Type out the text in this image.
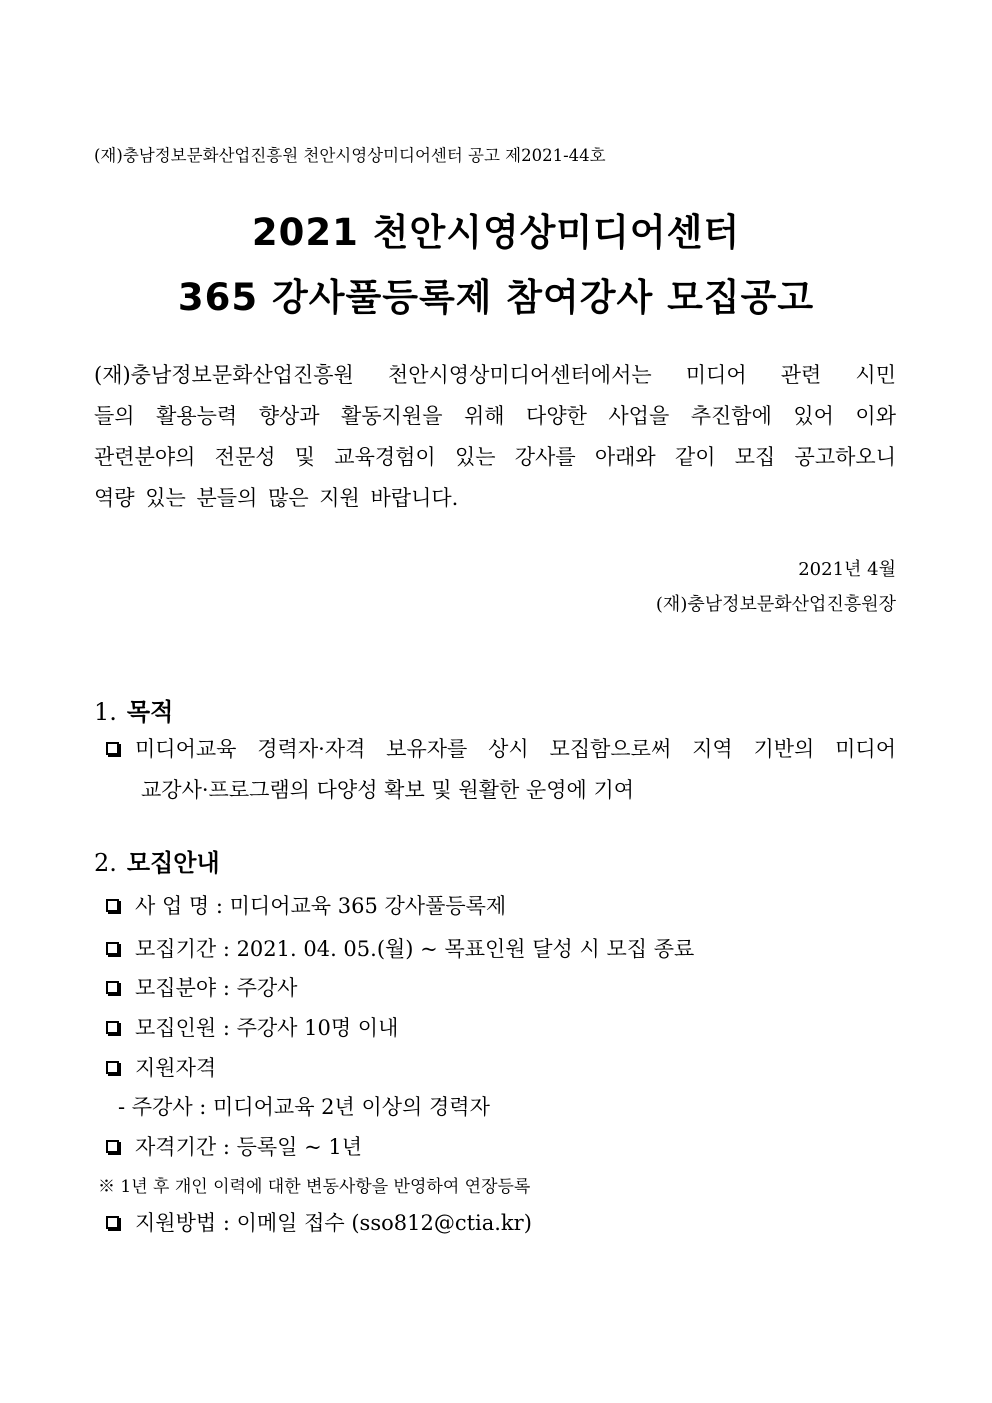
(재)충남정보문화산업진흥원 천안시영상미디어센터 공고 제2021-44호
2021 천안시영상미디어센터
365 강사풀등록제 참여강사 모집공고
(재)충남정보문화산업진흥원 천안시영상미디어센터에서는 미디어 관련 시민
들의 활용능력 향상과 활동지원을 위해 다양한 사업을 추진함에 있어 이와
관련분야의 전문성 및 교육경험이 있는 강사를 아래와 같이 모집 공고하오니
역량 있는 분들의 많은 지원 바랍니다.
2021년 4월
(재)충남정보문화산업진흥원장
1. 목적
미디어교육 경력자·자격 보유자를 상시 모집함으로써 지역 기반의 미디어
교강사·프로그램의 다양성 확보 및 원활한 운영에 기여
2. 모집안내
사 업 명 : 미디어교육 365 강사풀등록제
모집기간 : 2021. 04. 05.(월) ~ 목표인원 달성 시 모집 종료
모집분야 : 주강사
모집인원 : 주강사 10명 이내
지원자격
- 주강사 : 미디어교육 2년 이상의 경력자
자격기간 : 등록일 ~ 1년
※ 1년 후 개인 이력에 대한 변동사항을 반영하여 연장등록
지원방법 : 이메일 접수 (sso812@ctia.kr)
